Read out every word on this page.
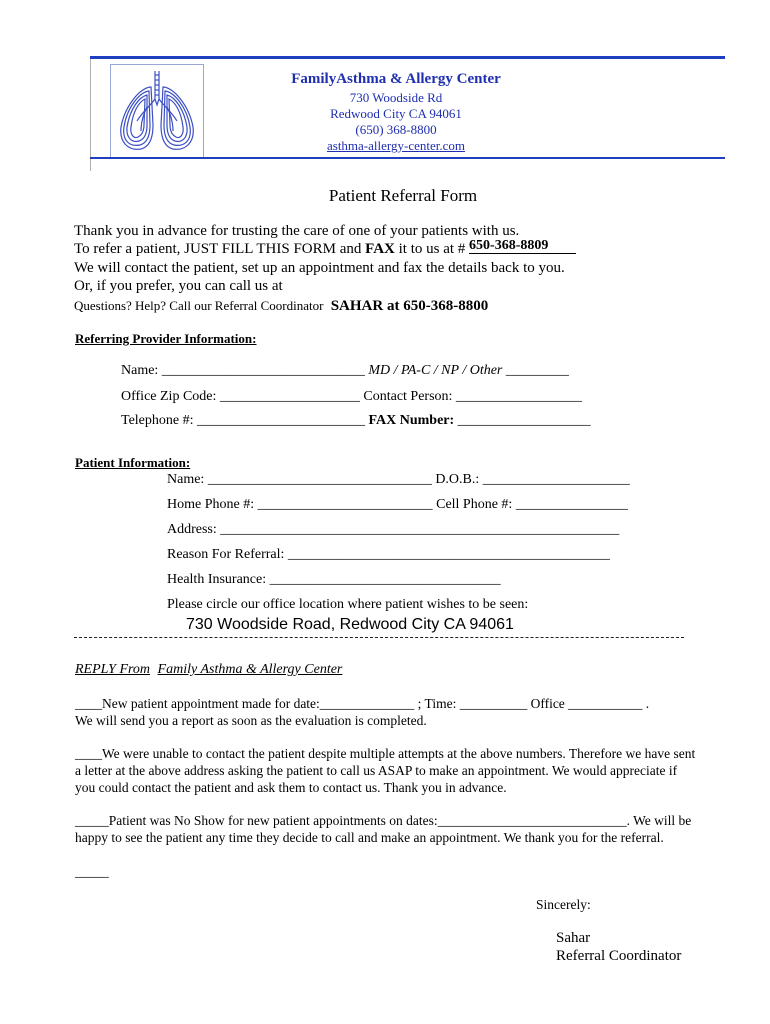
FamilyAsthma & Allergy Center
730 Woodside Rd
Redwood City CA 94061
(650) 368-8800
asthma-allergy-center.com
Patient Referral Form
Thank you in advance for trusting the care of one of your patients with us.
To refer a patient, JUST FILL THIS FORM and FAX it to us at # 650-368-8809
We will contact the patient, set up an appointment and fax the details back to you.
Or, if you prefer, you can call us at
Questions? Help? Call our Referral Coordinator SAHAR at 650-368-8800
Referring Provider Information:
Name: _____________________________ MD / PA-C / NP / Other _________
Office Zip Code: ____________________ Contact Person: __________________
Telephone #: ________________________ FAX Number: ___________________
Patient Information:
Name: ________________________________ D.O.B.: _____________________
Home Phone #: _________________________ Cell Phone #: ________________
Address: _________________________________________________________
Reason For Referral: ______________________________________________
Health Insurance: _________________________________
Please circle our office location where patient wishes to be seen:
730 Woodside Road, Redwood City CA 94061
REPLY From Family Asthma & Allergy Center
____New patient appointment made for date:______________ ; Time: __________ Office ___________ .
We will send you a report as soon as the evaluation is completed.
____We were unable to contact the patient despite multiple attempts at the above numbers. Therefore we have sent
a letter at the above address asking the patient to call us ASAP to make an appointment. We would appreciate if
you could contact the patient and ask them to contact us. Thank you in advance.
_____Patient was No Show for new patient appointments on dates:____________________________. We will be
happy to see the patient any time they decide to call and make an appointment. We thank you for the referral.
_____
Sincerely:
Sahar
Referral Coordinator
